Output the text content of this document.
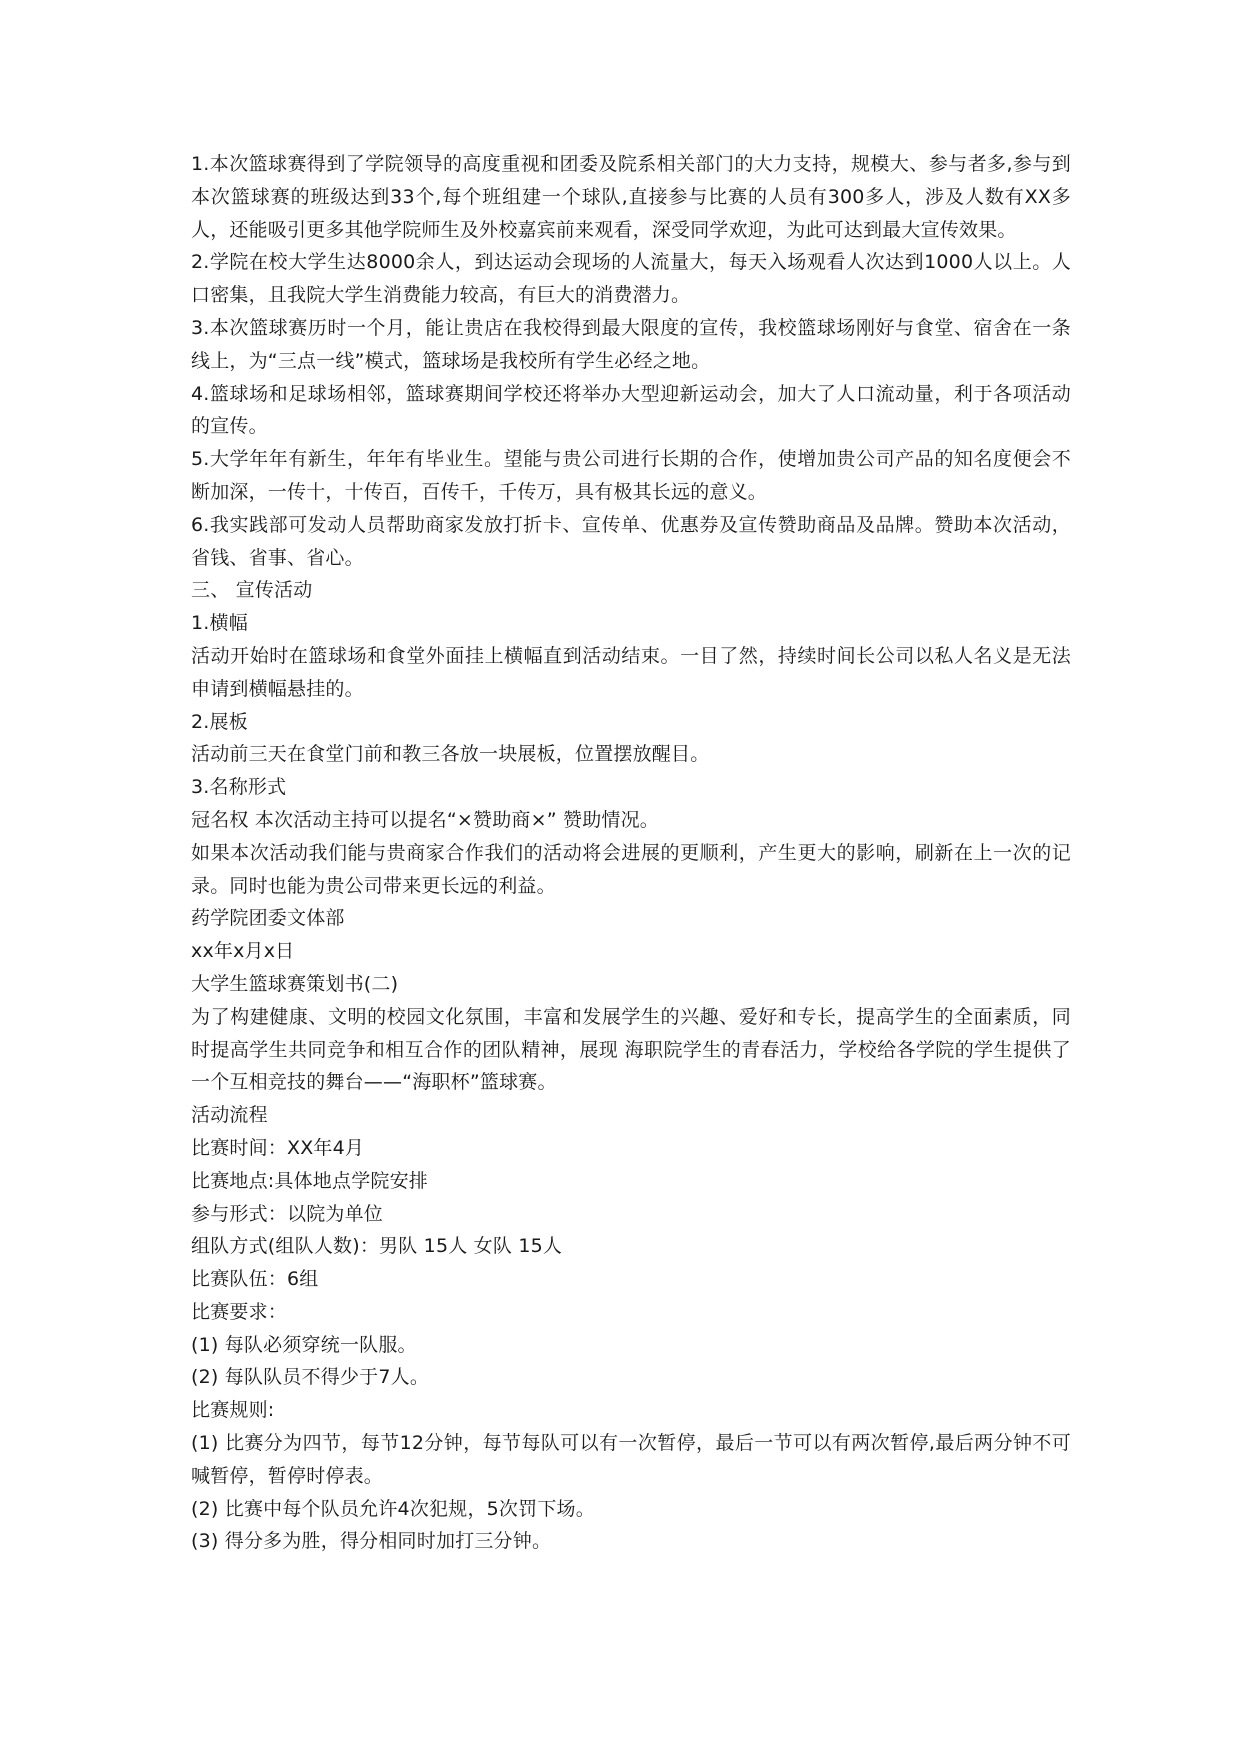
1.本次篮球赛得到了学院领导的高度重视和团委及院系相关部门的大力支持，规模大、参与者多,参与到本次篮球赛的班级达到33个,每个班组建一个球队,直接参与比赛的人员有300多人，涉及人数有XX多人，还能吸引更多其他学院师生及外校嘉宾前来观看，深受同学欢迎，为此可达到最大宣传效果。

2.学院在校大学生达8000余人，到达运动会现场的人流量大，每天入场观看人次达到1000人以上。人口密集，且我院大学生消费能力较高，有巨大的消费潜力。

3.本次篮球赛历时一个月，能让贵店在我校得到最大限度的宣传，我校篮球场刚好与食堂、宿舍在一条线上，为“三点一线”模式，篮球场是我校所有学生必经之地。

4.篮球场和足球场相邻，篮球赛期间学校还将举办大型迎新运动会，加大了人口流动量，利于各项活动的宣传。

5.大学年年有新生，年年有毕业生。望能与贵公司进行长期的合作，使增加贵公司产品的知名度便会不断加深，一传十，十传百，百传千，千传万，具有极其长远的意义。

6.我实践部可发动人员帮助商家发放打折卡、宣传单、优惠券及宣传赞助商品及品牌。赞助本次活动，省钱、省事、省心。

三、 宣传活动

1.横幅

活动开始时在篮球场和食堂外面挂上横幅直到活动结束。一目了然，持续时间长公司以私人名义是无法申请到横幅悬挂的。

2.展板

活动前三天在食堂门前和教三各放一块展板，位置摆放醒目。

3.名称形式

冠名权 本次活动主持可以提名“×赞助商×” 赞助情况。

如果本次活动我们能与贵商家合作我们的活动将会进展的更顺利，产生更大的影响，刷新在上一次的记录。同时也能为贵公司带来更长远的利益。

药学院团委文体部

xx年x月x日

大学生篮球赛策划书(二)

为了构建健康、文明的校园文化氛围，丰富和发展学生的兴趣、爱好和专长，提高学生的全面素质，同时提高学生共同竞争和相互合作的团队精神，展现 海职院学生的青春活力，学校给各学院的学生提供了一个互相竞技的舞台——“海职杯”篮球赛。

活动流程

比赛时间：XX年4月

比赛地点:具体地点学院安排

参与形式：以院为单位

组队方式(组队人数)：男队 15人 女队 15人

比赛队伍：6组

比赛要求：

(1) 每队必须穿统一队服。

(2) 每队队员不得少于7人。

比赛规则:

(1) 比赛分为四节，每节12分钟，每节每队可以有一次暂停，最后一节可以有两次暂停,最后两分钟不可喊暂停，暂停时停表。

(2) 比赛中每个队员允许4次犯规，5次罚下场。

(3) 得分多为胜，得分相同时加打三分钟。
